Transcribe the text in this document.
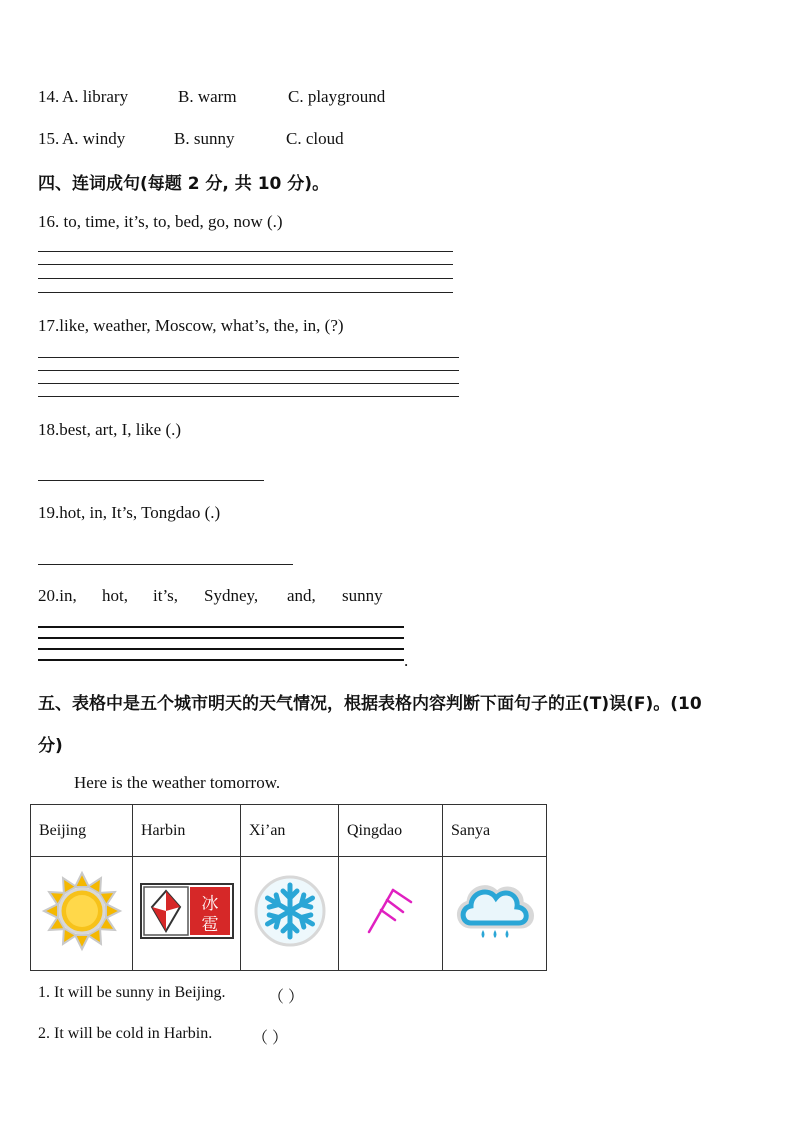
14. A. library	B. warm	C. playground
15. A. windy	B. sunny	C. cloud
四、连词成句(每题 2 分, 共 10 分)。
16. to, time, it’s, to, bed, go, now (.)
17.like, weather, Moscow, what’s, the, in, (?)
18.best, art, I, like (.)
19.hot, in, It’s, Tongdao (.)
20.in, hot, it’s, Sydney, and, sunny
.
五、表格中是五个城市明天的天气情况，根据表格内容判断下面句子的正(T)误(F)。(10
分)
Here is the weather tomorrow.
Beijing	Harbin	Xi’an	Qingdao	Sanya

冰
雹

1. It will be sunny in Beijing.	（ ）
2. It will be cold in Harbin. （ ）
